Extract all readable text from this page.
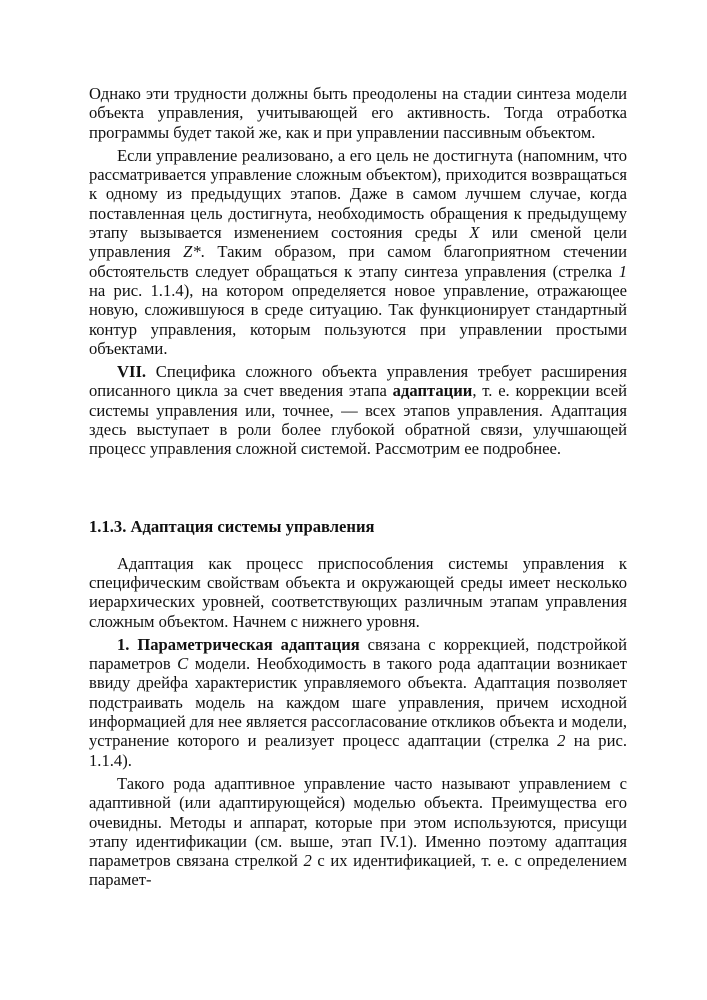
Однако эти трудности должны быть преодолены на стадии синтеза модели объекта управления, учитывающей его активность. Тогда отработка программы будет такой же, как и при управлении пассивным объектом.

Если управление реализовано, а его цель не достигнута (напомним, что рассматривается управление сложным объектом), приходится возвращаться к одному из предыдущих этапов. Даже в самом лучшем случае, когда поставленная цель достигнута, необходимость обращения к предыдущему этапу вызывается изменением состояния среды X или сменой цели управления Z*. Таким образом, при самом благоприятном стечении обстоятельств следует обращаться к этапу синтеза управления (стрелка 1 на рис. 1.1.4), на котором определяется новое управление, отражающее новую, сложившуюся в среде ситуацию. Так функционирует стандартный контур управления, которым пользуются при управлении простыми объектами.

VII. Специфика сложного объекта управления требует расширения описанного цикла за счет введения этапа адаптации, т. е. коррекции всей системы управления или, точнее, — всех этапов управления. Адаптация здесь выступает в роли более глубокой обратной связи, улучшающей процесс управления сложной системой. Рассмотрим ее подробнее.

1.1.3. Адаптация системы управления

Адаптация как процесс приспособления системы управления к специфическим свойствам объекта и окружающей среды имеет несколько иерархических уровней, соответствующих различным этапам управления сложным объектом. Начнем с нижнего уровня.

1. Параметрическая адаптация связана с коррекцией, подстройкой параметров С модели. Необходимость в такого рода адаптации возникает ввиду дрейфа характеристик управляемого объекта. Адаптация позволяет подстраивать модель на каждом шаге управления, причем исходной информацией для нее является рассогласование откликов объекта и модели, устранение которого и реализует процесс адаптации (стрелка 2 на рис. 1.1.4).

Такого рода адаптивное управление часто называют управлением с адаптивной (или адаптирующейся) моделью объекта. Преимущества его очевидны. Методы и аппарат, которые при этом используются, присущи этапу идентификации (см. выше, этап IV.1). Именно поэтому адаптация параметров связана стрелкой 2 с их идентификацией, т. е. с определением парамет-
